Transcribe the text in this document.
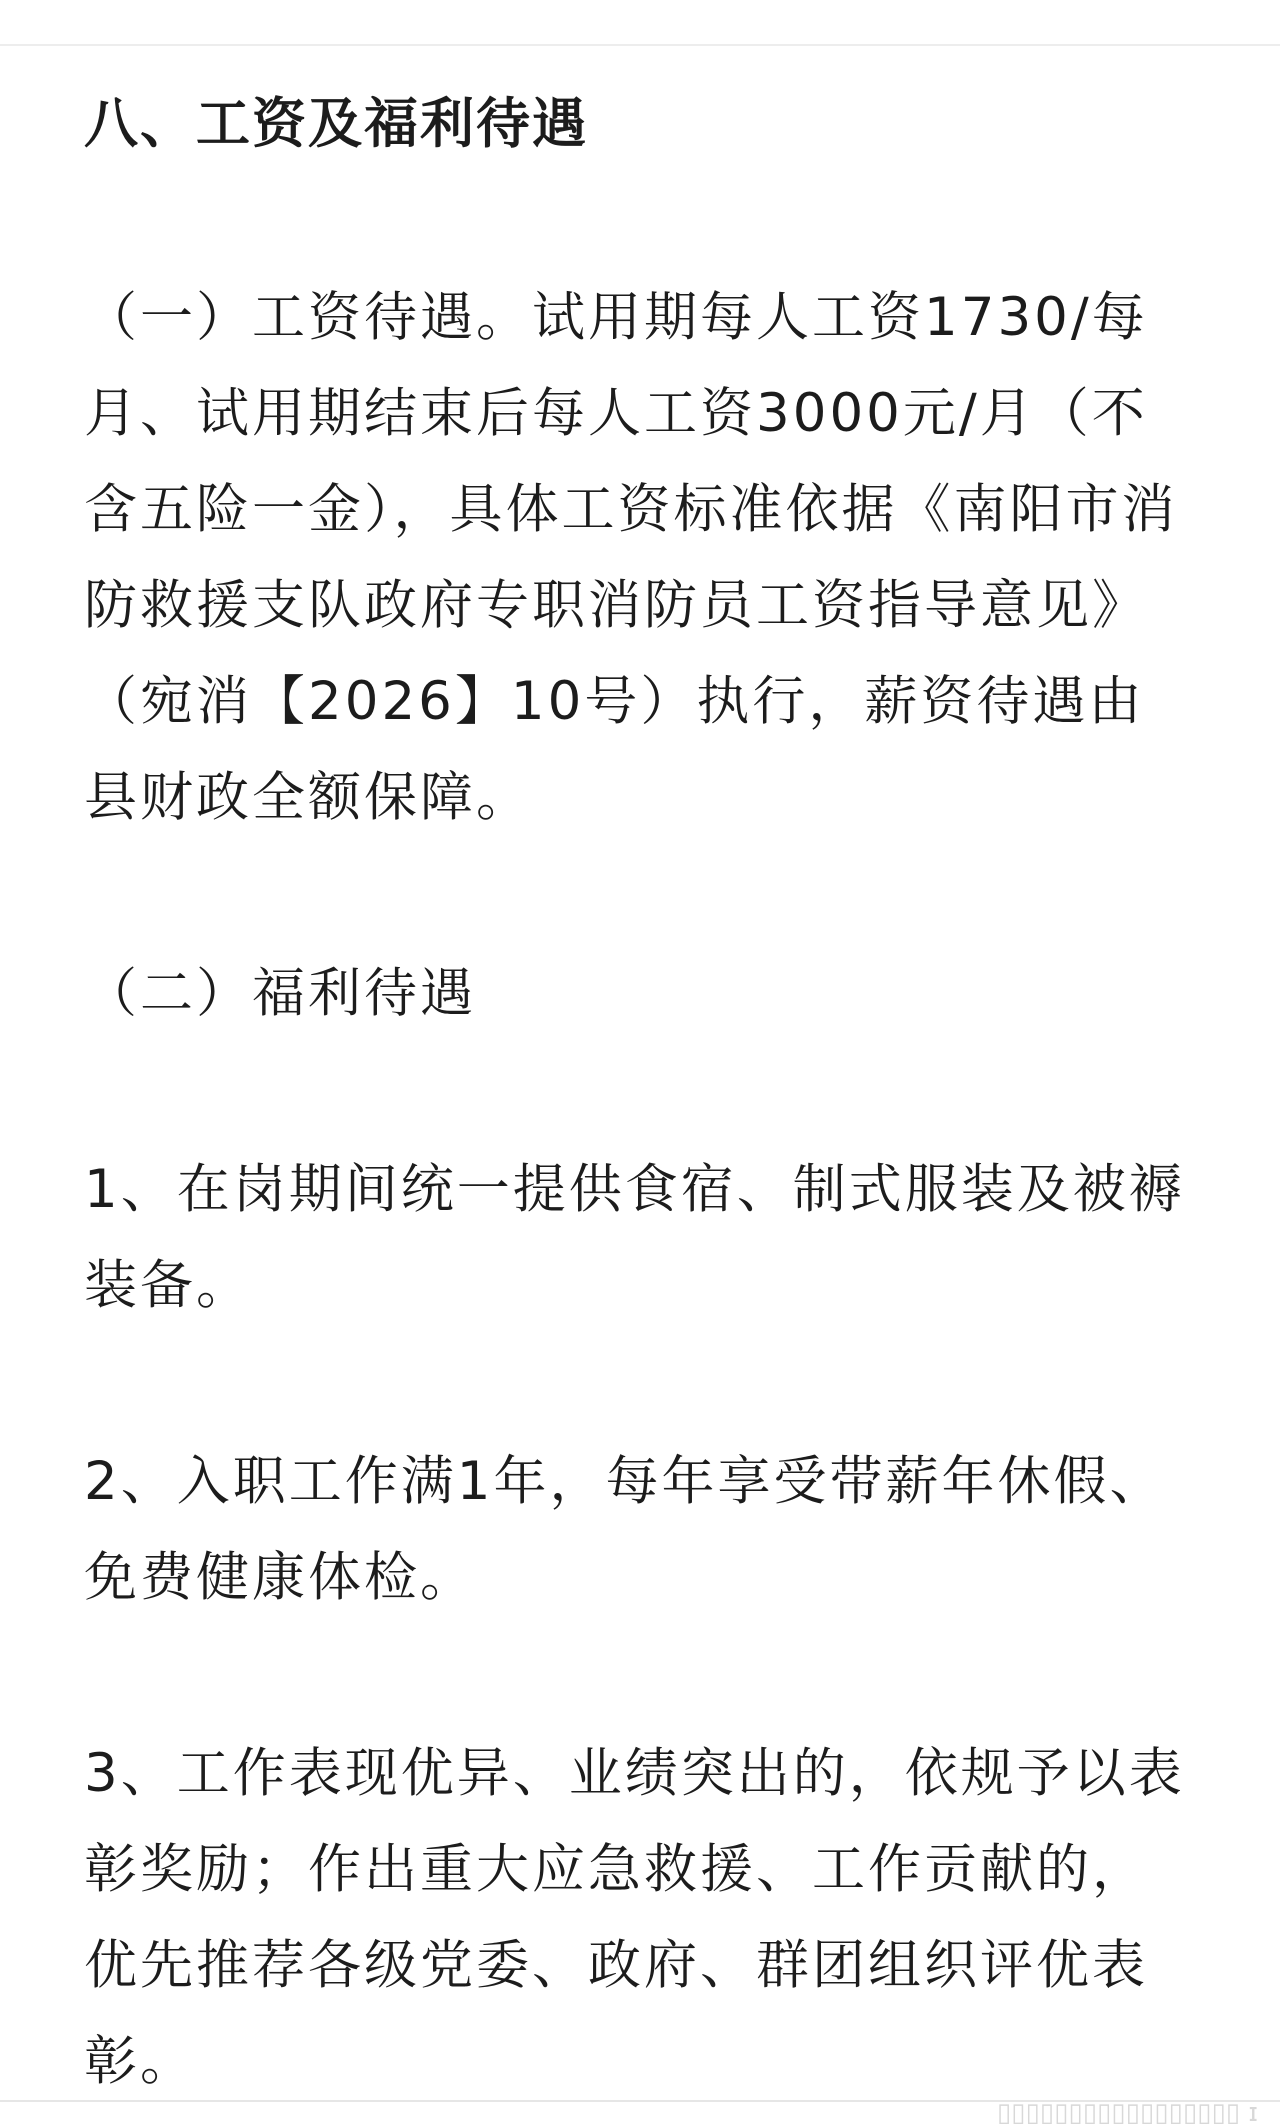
八、工资及福利待遇

（一）工资待遇。试用期每人工资1730/每月、试用期结束后每人工资3000元/月（不含五险一金），具体工资标准依据《南阳市消防救援支队政府专职消防员工资指导意见》（宛消【2026】10号）执行，薪资待遇由县财政全额保障。

（二）福利待遇

1、在岗期间统一提供食宿、制式服装及被褥装备。

2、入职工作满1年，每年享受带薪年休假、免费健康体检。

3、工作表现优异、业绩突出的，依规予以表彰奖励；作出重大应急救援、工作贡献的，优先推荐各级党委、政府、群团组织评优表彰。

▯▯▯▯▯▯▯▯▯▯▯▯▯▯▯▯▯ ɪ
